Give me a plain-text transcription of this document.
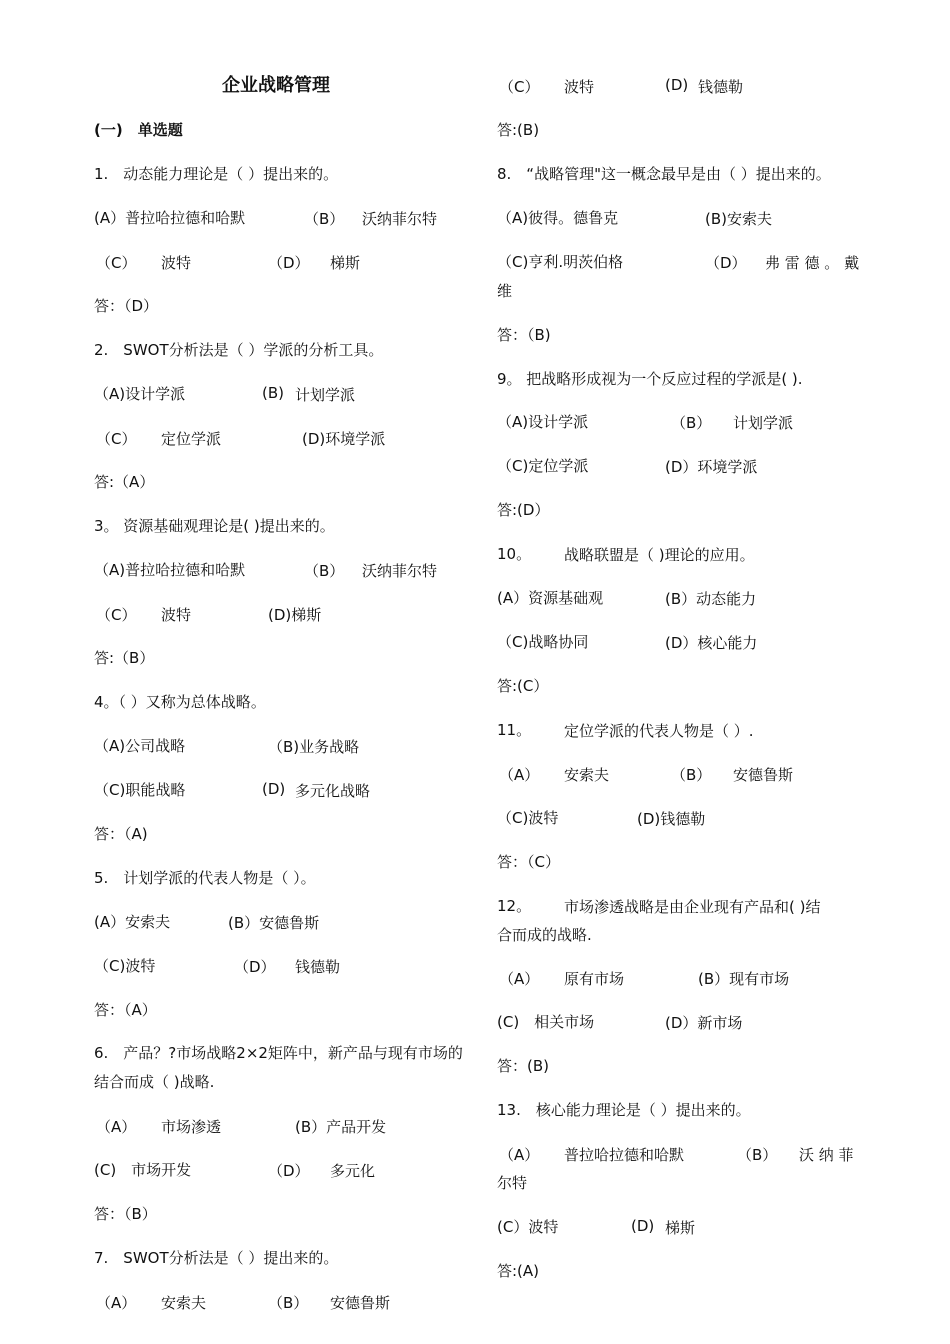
企业战略管理
(一)　单选题
1.　动态能力理论是（ ）提出来的。
(A）普拉哈拉德和哈默	（B） 沃纳菲尔特
（C） 波特	（D） 梯斯
答：（D）
2.　SWOT分析法是（ ）学派的分析工具。
（A)设计学派	(B) 计划学派
（C） 定位学派	(D)环境学派
答:（A）
3。 资源基础观理论是( )提出来的。
（A)普拉哈拉德和哈默	（B） 沃纳菲尔特
（C） 波特	(D)梯斯
答:（B）
4。（ ）又称为总体战略。
（A)公司战略	（B)业务战略
（C)职能战略	(D) 多元化战略
答：（A)
5.　计划学派的代表人物是（ ）。
(A）安索夫	(B）安德鲁斯
（C)波特	（D） 钱德勒
答：（A）
6.　产品？?市场战略2×2矩阵中，新产品与现有市场的结合而成（ )战略.
（A） 市场渗透	(B）产品开发
(C)　市场开发	（D） 多元化
答：（B）
7.　SWOT分析法是（ ）提出来的。
（A） 安索夫	（B） 安德鲁斯
（C） 波特	(D) 钱德勒
答:(B)
8.　“战略管理"这一概念最早是由（ ）提出来的。
（A)彼得。德鲁克	(B)安索夫
（C)亨利.明茨伯格	（D） 弗 雷 德 。 戴
维
答：（B)
9。 把战略形成视为一个反应过程的学派是( ).
（A)设计学派	（B） 计划学派
（C)定位学派	(D）环境学派
答:(D）
10。 战略联盟是（ )理论的应用。
(A）资源基础观	(B）动态能力
（C)战略协同	(D）核心能力
答:(C）
11。 定位学派的代表人物是（ ）.
（A） 安索夫	（B） 安德鲁斯
（C)波特	(D)钱德勒
答：（C）
12。 市场渗透战略是由企业现有产品和( )结
合而成的战略.
（A） 原有市场	(B）现有市场
(C)　相关市场	(D）新市场
答：(B)
13.　核心能力理论是（ ）提出来的。
（A） 普拉哈拉德和哈默	（B） 沃 纳 菲
尔特
(C）波特	(D) 梯斯
答:(A)
